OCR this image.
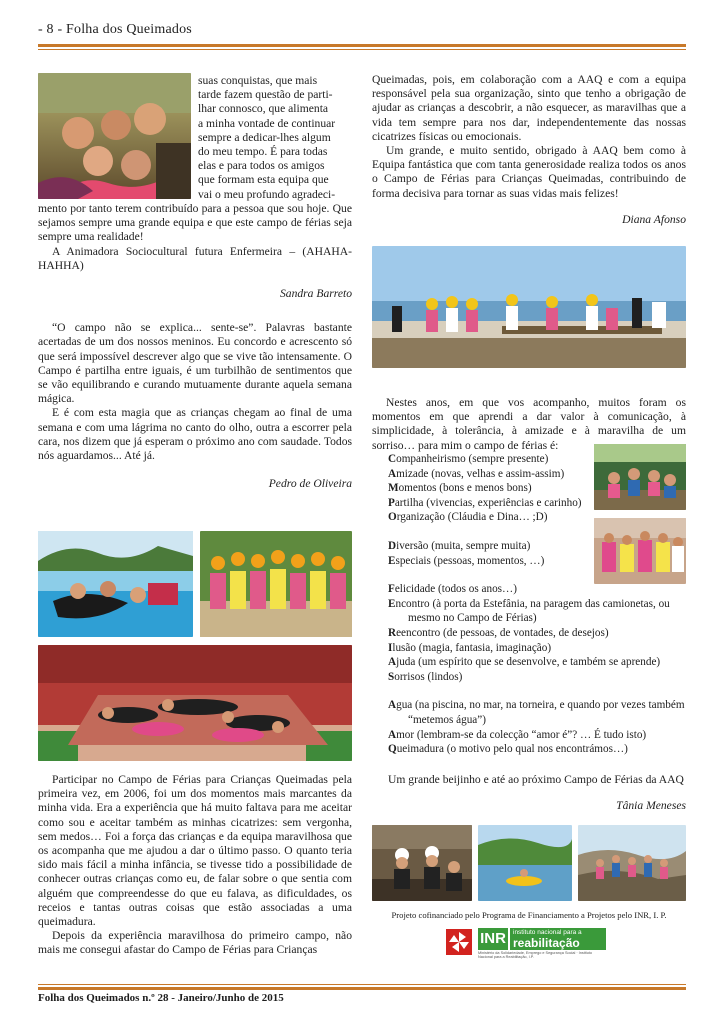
- 8 - Folha dos Queimados

suas conquistas, que mais

tarde fazem questão de parti-

lhar connosco, que alimenta

a minha vontade de continuar

sempre a dedicar-lhes algum

do meu tempo. É para todas

elas e para todos os amigos

que formam esta equipa que

vai o meu profundo agradeci-

mento por tanto terem contribuído para a pessoa que sou hoje. Que sejamos sempre uma grande equipa e que este campo de férias seja sempre uma realidade!

A Animadora Sociocultural futura Enfermeira – (AHAHA-HAHHA)

Sandra Barreto

“O campo não se explica... sente-se”. Palavras bastante acertadas de um dos nossos meninos. Eu concordo e acrescento só que será impossível descrever algo que se vive tão intensamente. O Campo é partilha entre iguais, é um turbilhão de sentimentos que se vão equilibrando e curando mutuamente durante aquela semana mágica.

E é com esta magia que as crianças chegam ao final de uma semana e com uma lágrima no canto do olho, outra a escorrer pela cara, nos dizem que já esperam o próximo ano com saudade. Todos nós aguardamos... Até já.

Pedro de Oliveira

Participar no Campo de Férias para Crianças Queimadas pela primeira vez, em 2006, foi um dos momentos mais marcantes da minha vida. Era a experiência que há muito faltava para me aceitar como sou e aceitar também as minhas cicatrizes: sem vergonha, sem medos… Foi a força das crianças e da equipa maravilhosa que os acompanha que me ajudou a dar o último passo. O quanto teria sido mais fácil a minha infância, se tivesse tido a possibilidade de conhecer outras crianças como eu, de falar sobre o que sentia com alguém que compreendesse do que eu falava, as dificuldades, os receios e tantas outras coisas que estão associadas a uma queimadura.

Depois da experiência maravilhosa do primeiro campo, não mais me consegui afastar do Campo de Férias para Crianças

Queimadas, pois, em colaboração com a AAQ e com a equipa responsável pela sua organização, sinto que tenho a obrigação de ajudar as crianças a descobrir, a não esquecer, as maravilhas que a vida tem sempre para nos dar, independentemente das nossas cicatrizes físicas ou emocionais.

Um grande, e muito sentido, obrigado à AAQ bem como à Equipa fantástica que com tanta generosidade realiza todos os anos o Campo de Férias para Crianças Queimadas, contribuindo de forma decisiva para tornar as suas vidas mais felizes!

Diana Afonso

Nestes anos, em que vos acompanho, muitos foram os momentos em que aprendi a dar valor à comunicação, à simplicidade, à tolerância, à amizade e à maravilha de um sorriso… para mim o campo de férias é:

Companheirismo (sempre presente)
Amizade (novas, velhas e assim-assim)
Momentos (bons e menos bons)
Partilha (vivencias, experiências e carinho)
Organização (Cláudia e Dina… ;D)
Diversão (muita, sempre muita)
Especiais (pessoas, momentos, …)
Felicidade (todos os anos…)
Encontro (à porta da Estefânia, na paragem das camionetas, ou
mesmo no Campo de Férias)
Reencontro (de pessoas, de vontades, de desejos)
Ilusão (magia, fantasia, imaginação)
Ajuda (um espírito que se desenvolve, e também se aprende)
Sorrisos (lindos)
Agua (na piscina, no mar, na torneira, e quando por vezes também
“metemos água”)
Amor (lembram-se da colecção “amor é”? … É tudo isto)
Queimadura (o motivo pelo qual nos encontrámos…)

Um grande beijinho e até ao próximo Campo de Férias da AAQ

Tânia Meneses

Projeto cofinanciado pelo Programa de Financiamento a Projetos pelo INR, I. P.

INR	instituto nacional para a
reabilitação
Ministério da Solidariedade, Emprego e Segurança Social · Instituto Nacional para a Reabilitação, I.P.
Folha dos Queimados n.º 28 - Janeiro/Junho de 2015
